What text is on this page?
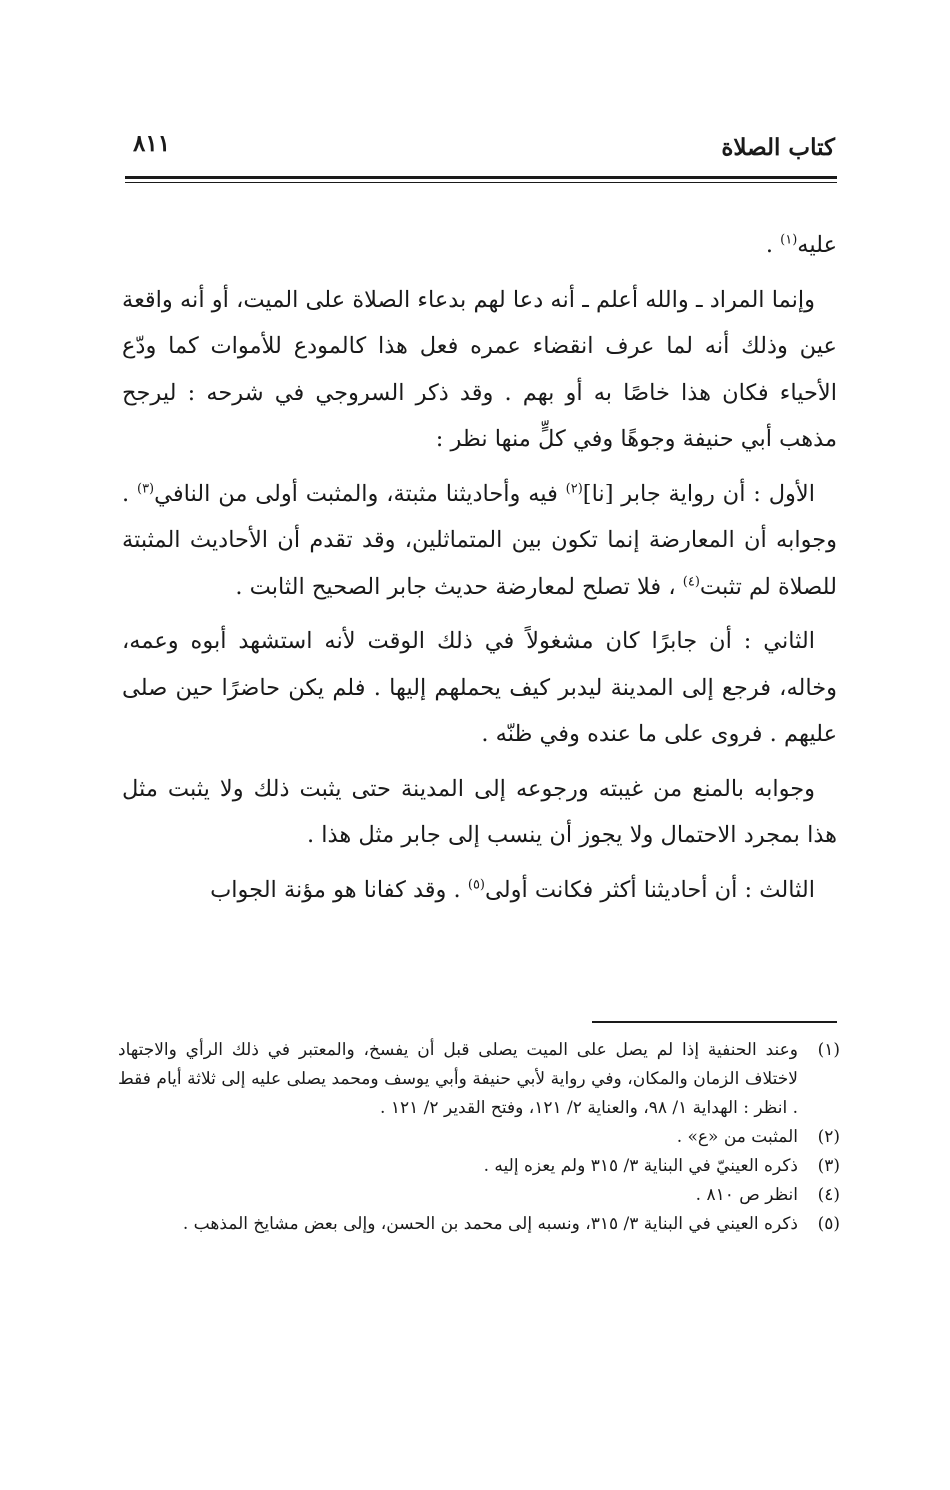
كتاب الصلاة
٨١١

عليه$^{(١)}$ .

وإنما المراد ـ والله أعلم ـ أنه دعا لهم بدعاء الصلاة على الميت، أو أنه واقعة عين وذلك أنه لما عرف انقضاء عمره فعل هذا كالمودع للأموات كما ودّع الأحياء فكان هذا خاصًا به أو بهم . وقد ذكر السروجي في شرحه : ليرجح مذهب أبي حنيفة وجوهًا وفي كلٍّ منها نظر :

الأول : أن رواية جابر [نا]$^{(٢)}$ فيه وأحاديثنا مثبتة، والمثبت أولى من النافي$^{(٣)}$ . وجوابه أن المعارضة إنما تكون بين المتماثلين، وقد تقدم أن الأحاديث المثبتة للصلاة لم تثبت$^{(٤)}$ ، فلا تصلح لمعارضة حديث جابر الصحيح الثابت .

الثاني : أن جابرًا كان مشغولاً في ذلك الوقت لأنه استشهد أبوه وعمه، وخاله، فرجع إلى المدينة ليدبر كيف يحملهم إليها . فلم يكن حاضرًا حين صلى عليهم . فروى على ما عنده وفي ظنّه .

وجوابه بالمنع من غيبته ورجوعه إلى المدينة حتى يثبت ذلك ولا يثبت مثل هذا بمجرد الاحتمال ولا يجوز أن ينسب إلى جابر مثل هذا .

الثالث : أن أحاديثنا أكثر فكانت أولى$^{(٥)}$ . وقد كفانا هو مؤنة الجواب

(١)
وعند الحنفية إذا لم يصل على الميت يصلى قبل أن يفسخ، والمعتبر في ذلك الرأي والاجتهاد لاختلاف الزمان والمكان، وفي رواية لأبي حنيفة وأبي يوسف ومحمد يصلى عليه إلى ثلاثة أيام فقط . انظر : الهداية ١/ ٩٨، والعناية ٢/ ١٢١، وفتح القدير ٢/ ١٢١ .
(٢)
المثبت من «ع» .
(٣)
ذكره العينيّ في البناية ٣/ ٣١٥ ولم يعزه إليه .
(٤)
انظر ص ٨١٠ .
(٥)
ذكره العيني في البناية ٣/ ٣١٥، ونسبه إلى محمد بن الحسن، وإلى بعض مشايخ المذهب .
